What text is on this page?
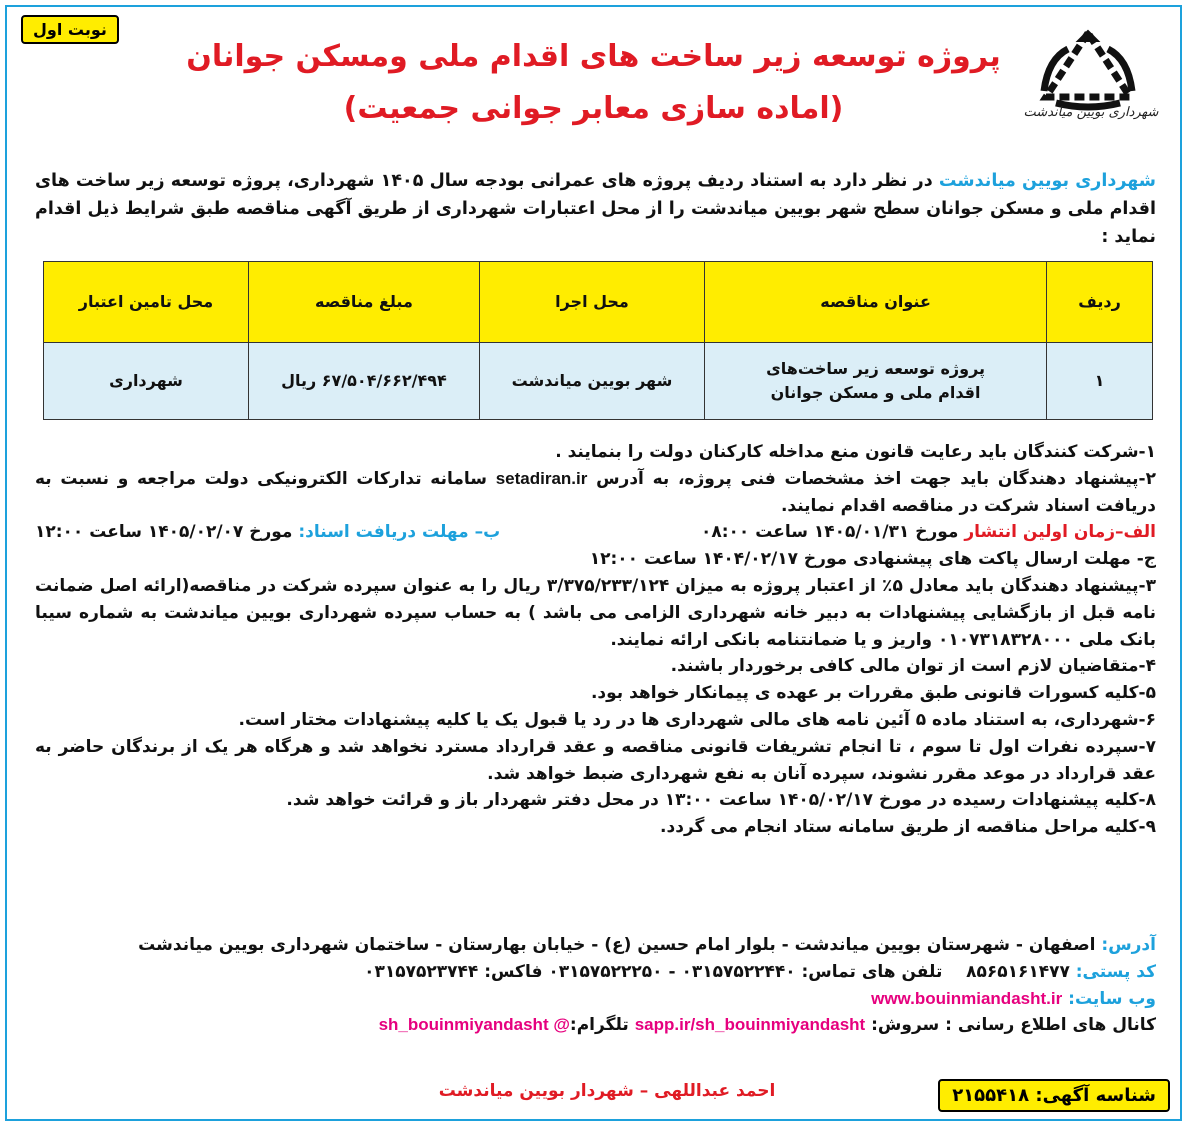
نوبت اول
شهرداری بویین میاندشت
پروژه توسعه زیر ساخت های اقدام ملی ومسکن جوانان
(اماده سازی معابر جوانی جمعیت)
شهرداری بویین میاندشت در نظر دارد به استناد ردیف پروژه های عمرانی بودجه سال ۱۴۰۵ شهرداری، پروژه توسعه زیر ساخت های اقدام ملی و مسکن جوانان سطح شهر بویین میاندشت را از محل اعتبارات شهرداری از طریق آگهی مناقصه طبق شرایط ذیل اقدام نماید :
ردیف	عنوان مناقصه	محل اجرا	مبلغ مناقصه	محل تامین اعتبار
۱	پروژه توسعه زیر ساخت‌های اقدام ملی و مسکن جوانان	شهر بویین میاندشت	۶۷/۵۰۴/۶۶۲/۴۹۴ ریال	شهرداری

۱-شرکت کنندگان باید رعایت قانون منع مداخله کارکنان دولت را بنمایند .

۲-پیشنهاد دهندگان باید جهت اخذ مشخصات فنی پروژه، به آدرس setadiran.ir سامانه تدارکات الکترونیکی دولت مراجعه و نسبت به دریافت اسناد شرکت در مناقصه اقدام نمایند.

الف–زمان اولین انتشار مورخ ۱۴۰۵/۰۱/۳۱ ساعت ۰۸:۰۰
ب– مهلت دریافت اسناد: مورخ ۱۴۰۵/۰۲/۰۷ ساعت ۱۲:۰۰

ج- مهلت ارسال پاکت های پیشنهادی مورخ ۱۴۰۴/۰۲/۱۷ ساعت ۱۲:۰۰

۳-پیشنهاد دهندگان باید معادل ۵٪ از اعتبار پروژه به میزان ۳/۳۷۵/۲۳۳/۱۲۴ ریال را به عنوان سپرده شرکت در مناقصه(ارائه اصل ضمانت نامه قبل از بازگشایی پیشنهادات به دبیر خانه شهرداری الزامی می باشد ) به حساب سپرده شهرداری بویین میاندشت به شماره سیبا بانک ملی ۰۱۰۷۳۱۸۳۲۸۰۰۰ واریز و یا ضمانتنامه بانکی ارائه نمایند.

۴-متقاضیان لازم است از توان مالی کافی برخوردار باشند.

۵-کلیه کسورات قانونی طبق مقررات بر عهده ی پیمانکار خواهد بود.

۶-شهرداری، به استناد ماده ۵ آئین نامه های مالی شهرداری ها در رد یا قبول یک یا کلیه پیشنهادات مختار است.

۷-سپرده نفرات اول تا سوم ، تا انجام تشریفات قانونی مناقصه و عقد قرارداد مسترد نخواهد شد و هرگاه هر یک از برندگان حاضر به عقد قرارداد در موعد مقرر نشوند، سپرده آنان به نفع شهرداری ضبط خواهد شد.

۸-کلیه پیشنهادات رسیده در مورخ ۱۴۰۵/۰۲/۱۷ ساعت ۱۳:۰۰ در محل دفتر شهردار باز و قرائت خواهد شد.

۹-کلیه مراحل مناقصه از طریق سامانه ستاد انجام می گردد.

آدرس: اصفهان - شهرستان بویین میاندشت - بلوار امام حسین (ع) - خیابان بهارستان - ساختمان شهرداری بویین میاندشت

کد پستی: ۸۵۶۵۱۶۱۴۷۷    تلفن های تماس: ۰۳۱۵۷۵۲۲۴۴۰ - ۰۳۱۵۷۵۲۲۲۵۰ فاکس: ۰۳۱۵۷۵۲۳۷۴۴

وب سایت: www.bouinmiandasht.ir

کانال های اطلاع رسانی : سروش: sapp.ir/sh_bouinmiyandasht تلگرام:sh_bouinmiyandasht @

شناسه آگهی: ۲۱۵۵۴۱۸
احمد عبداللهی – شهردار بویین میاندشت
